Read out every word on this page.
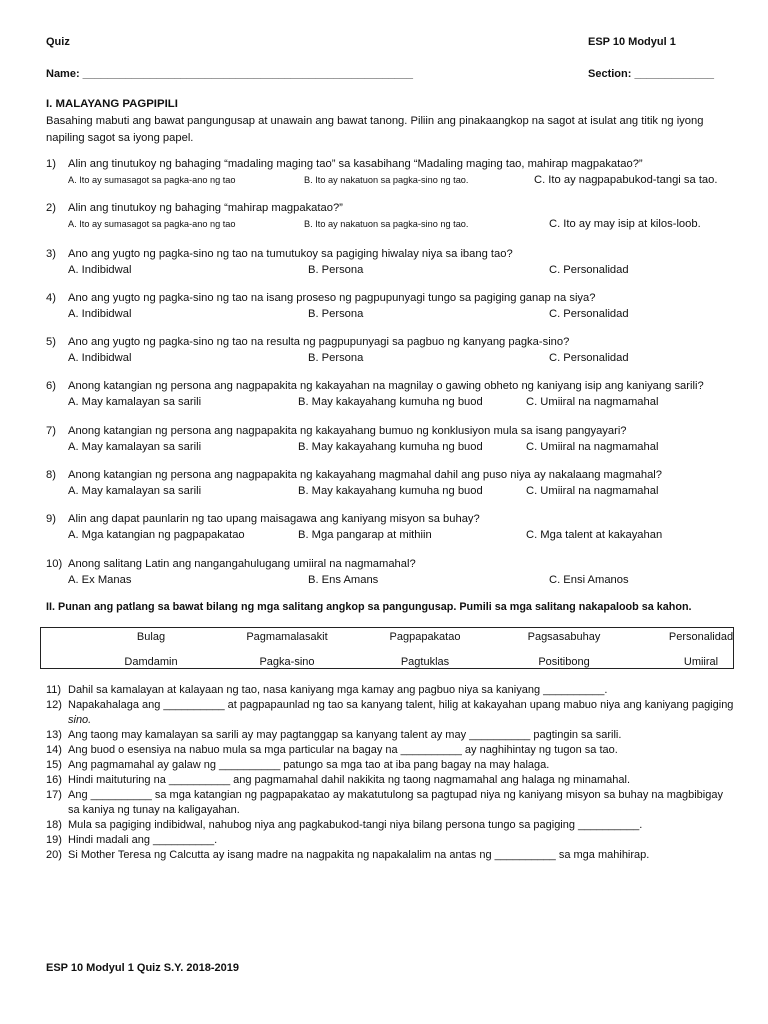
Quiz	ESP 10 Modyul 1
Name: ______________________________________________________	Section: _____________
I. MALAYANG PAGPIPILI
Basahing mabuti ang bawat pangungusap at unawain ang bawat tanong. Piliin ang pinakaangkop na sagot at isulat ang titik ng iyong napiling sagot sa iyong papel.
1) Alin ang tinutukoy ng bahaging “madaling maging tao” sa kasabihang “Madaling maging tao, mahirap magpakatao?”
A. Ito ay sumasagot sa pagka-ano ng tao	B. Ito ay nakatuon sa pagka-sino ng tao.	C. Ito ay nagpapabukod-tangi sa tao.
2) Alin ang tinutukoy ng bahaging “mahirap magpakatao?”
A. Ito ay sumasagot sa pagka-ano ng tao	B. Ito ay nakatuon sa pagka-sino ng tao.	C. Ito ay may isip at kilos-loob.
3) Ano ang yugto ng pagka-sino ng tao na tumutukoy sa pagiging hiwalay niya sa ibang tao?
A. Indibidwal	B. Persona	C. Personalidad
4) Ano ang yugto ng pagka-sino ng tao na isang proseso ng pagpupunyagi tungo sa pagiging ganap na siya?
A. Indibidwal	B. Persona	C. Personalidad
5) Ano ang yugto ng pagka-sino ng tao na resulta ng pagpupunyagi sa pagbuo ng kanyang pagka-sino?
A. Indibidwal	B. Persona	C. Personalidad
6) Anong katangian ng persona ang nagpapakita ng kakayahan na magnilay o gawing obheto ng kaniyang isip ang kaniyang sarili?
A. May kamalayan sa sarili	B. May kakayahang kumuha ng buod	C. Umiiral na nagmamahal
7) Anong katangian ng persona ang nagpapakita ng kakayahang bumuo ng konklusiyon mula sa isang pangyayari?
A. May kamalayan sa sarili	B. May kakayahang kumuha ng buod	C. Umiiral na nagmamahal
8) Anong katangian ng persona ang nagpapakita ng kakayahang magmahal dahil ang puso niya ay nakalaang magmahal?
A. May kamalayan sa sarili	B. May kakayahang kumuha ng buod	C. Umiiral na nagmamahal
9) Alin ang dapat paunlarin ng tao upang maisagawa ang kaniyang misyon sa buhay?
A. Mga katangian ng pagpapakatao	B. Mga pangarap at mithiin	C. Mga talent at kakayahan
10) Anong salitang Latin ang nangangahulugang umiiral na nagmamahal?
A. Ex Manas	B. Ens Amans	C. Ensi Amanos
II. Punan ang patlang sa bawat bilang ng mga salitang angkop sa pangungusap. Pumili sa mga salitang nakapaloob sa kahon.
Bulag	Pagmamalasakit	Pagpapakatao	Pagsasabuhay	Personalidad
Damdamin	Pagka-sino	Pagtuklas	Positibong	Umiiral
11) Dahil sa kamalayan at kalayaan ng tao, nasa kaniyang mga kamay ang pagbuo niya sa kaniyang __________.
12) Napakahalaga ang __________ at pagpapaunlad ng tao sa kanyang talent, hilig at kakayahan upang mabuo niya ang kaniyang pagiging sino.
13) Ang taong may kamalayan sa sarili ay may pagtanggap sa kanyang talent ay may __________ pagtingin sa sarili.
14) Ang buod o esensiya na nabuo mula sa mga particular na bagay na __________ ay naghihintay ng tugon sa tao.
15) Ang pagmamahal ay galaw ng __________ patungo sa mga tao at iba pang bagay na may halaga.
16) Hindi maituturing na __________ ang pagmamahal dahil nakikita ng taong nagmamahal ang halaga ng minamahal.
17) Ang __________ sa mga katangian ng pagpapakatao ay makatutulong sa pagtupad niya ng kaniyang misyon sa buhay na magbibigay sa kaniya ng tunay na kaligayahan.
18) Mula sa pagiging indibidwal, nahubog niya ang pagkabukod-tangi niya bilang persona tungo sa pagiging __________.
19) Hindi madali ang __________.
20) Si Mother Teresa ng Calcutta ay isang madre na nagpakita ng napakalalim na antas ng __________ sa mga mahihirap.
ESP 10 Modyul 1 Quiz S.Y. 2018-2019
